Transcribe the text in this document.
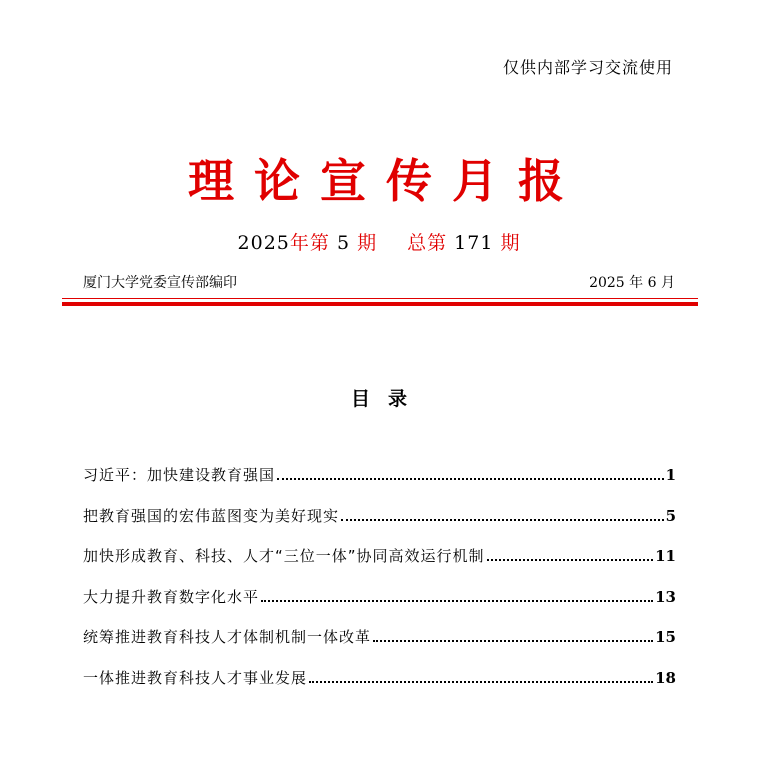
仅供内部学习交流使用
理论宣传月报
2025年第 5 期 总第 171 期
厦门大学党委宣传部编印	2025 年 6 月
目录
习近平：加快建设教育强国	1
把教育强国的宏伟蓝图变为美好现实	5
加快形成教育、科技、人才“三位一体”协同高效运行机制	11
大力提升教育数字化水平	13
统筹推进教育科技人才体制机制一体改革	15
一体推进教育科技人才事业发展	18
